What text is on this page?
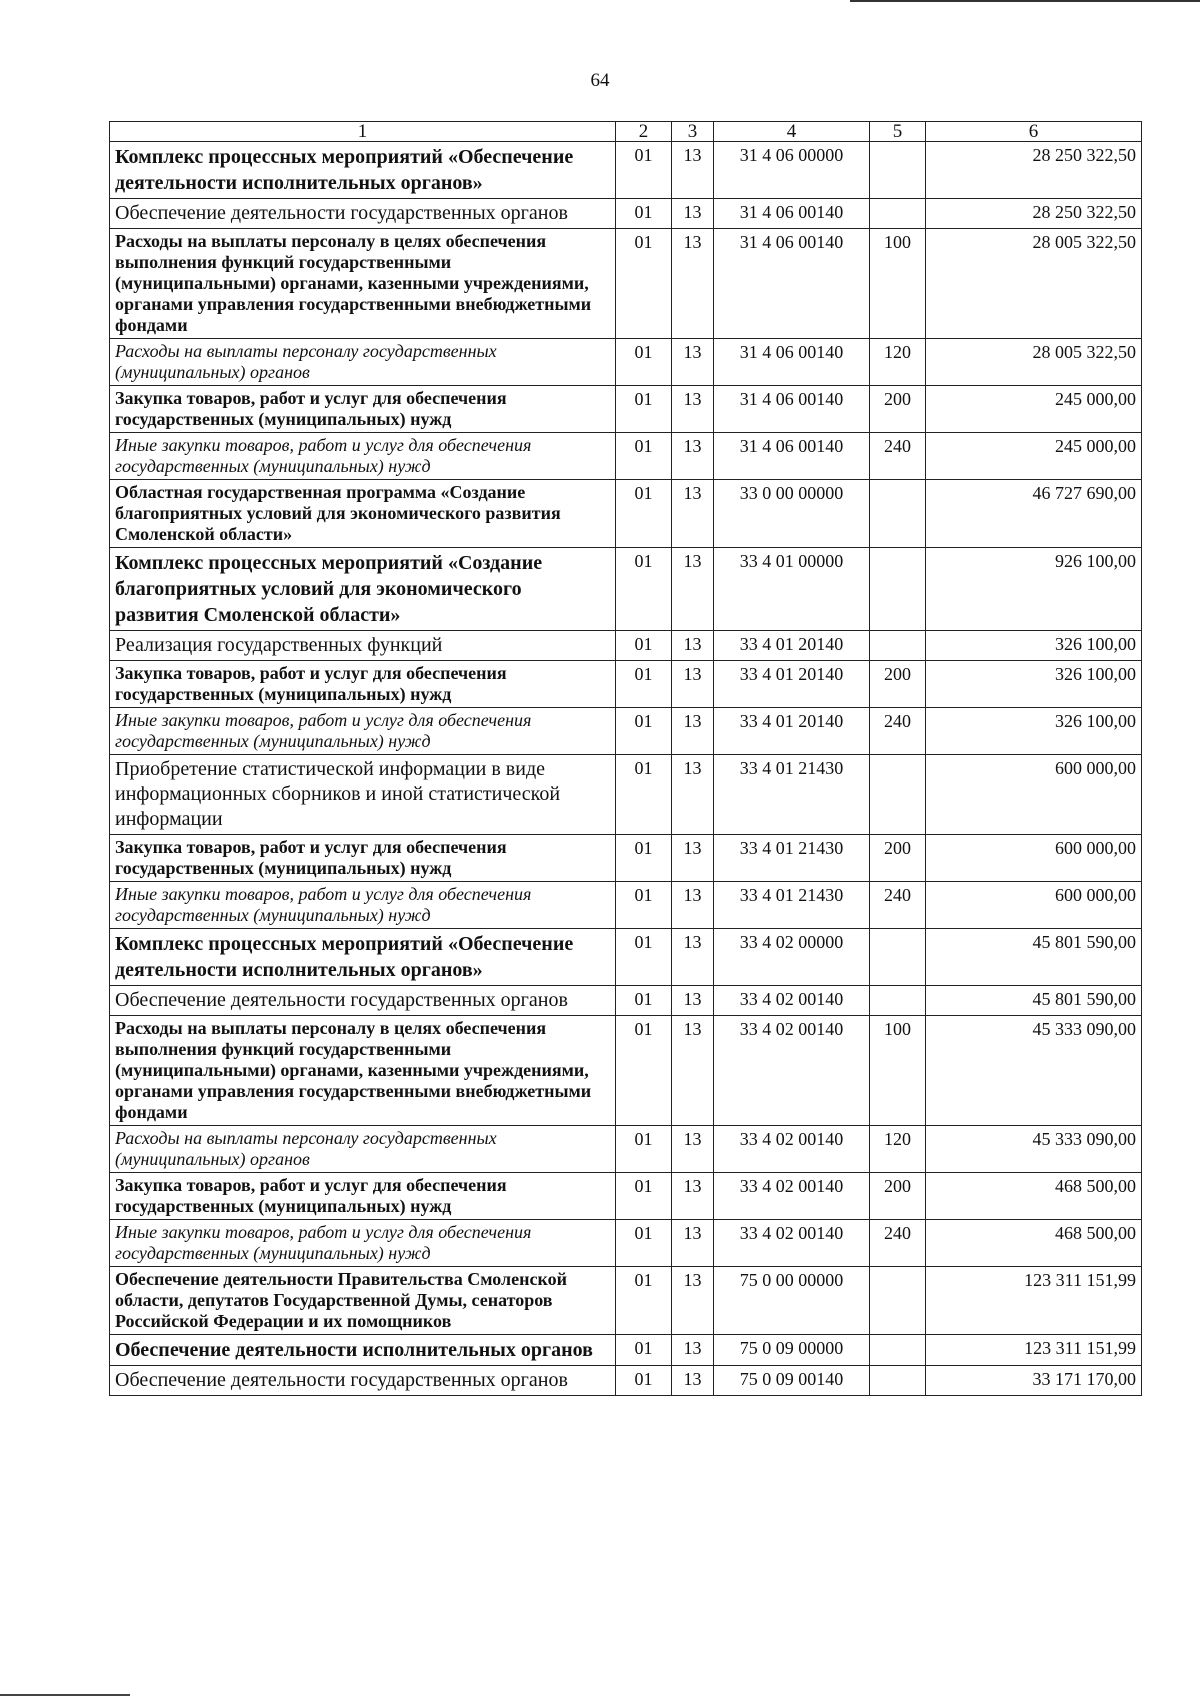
64
1	2	3	4	5	6
Комплекс процессных мероприятий «Обеспечение деятельности исполнительных органов»	01	13	31 4 06 00000		28 250 322,50
Обеспечение деятельности государственных органов	01	13	31 4 06 00140		28 250 322,50
Расходы на выплаты персоналу в целях обеспечения выполнения функций государственными (муниципальными) органами, казенными учреждениями, органами управления государственными внебюджетными фондами	01	13	31 4 06 00140	100	28 005 322,50
Расходы на выплаты персоналу государственных (муниципальных) органов	01	13	31 4 06 00140	120	28 005 322,50
Закупка товаров, работ и услуг для обеспечения государственных (муниципальных) нужд	01	13	31 4 06 00140	200	245 000,00
Иные закупки товаров, работ и услуг для обеспечения государственных (муниципальных) нужд	01	13	31 4 06 00140	240	245 000,00
Областная государственная программа «Создание благоприятных условий для экономического развития Смоленской области»	01	13	33 0 00 00000		46 727 690,00
Комплекс процессных мероприятий «Создание благоприятных условий для экономического развития Смоленской области»	01	13	33 4 01 00000		926 100,00
Реализация государственных функций	01	13	33 4 01 20140		326 100,00
Закупка товаров, работ и услуг для обеспечения государственных (муниципальных) нужд	01	13	33 4 01 20140	200	326 100,00
Иные закупки товаров, работ и услуг для обеспечения государственных (муниципальных) нужд	01	13	33 4 01 20140	240	326 100,00
Приобретение статистической информации в виде информационных сборников и иной статистической информации	01	13	33 4 01 21430		600 000,00
Закупка товаров, работ и услуг для обеспечения государственных (муниципальных) нужд	01	13	33 4 01 21430	200	600 000,00
Иные закупки товаров, работ и услуг для обеспечения государственных (муниципальных) нужд	01	13	33 4 01 21430	240	600 000,00
Комплекс процессных мероприятий «Обеспечение деятельности исполнительных органов»	01	13	33 4 02 00000		45 801 590,00
Обеспечение деятельности государственных органов	01	13	33 4 02 00140		45 801 590,00
Расходы на выплаты персоналу в целях обеспечения выполнения функций государственными (муниципальными) органами, казенными учреждениями, органами управления государственными внебюджетными фондами	01	13	33 4 02 00140	100	45 333 090,00
Расходы на выплаты персоналу государственных (муниципальных) органов	01	13	33 4 02 00140	120	45 333 090,00
Закупка товаров, работ и услуг для обеспечения государственных (муниципальных) нужд	01	13	33 4 02 00140	200	468 500,00
Иные закупки товаров, работ и услуг для обеспечения государственных (муниципальных) нужд	01	13	33 4 02 00140	240	468 500,00
Обеспечение деятельности Правительства Смоленской области, депутатов Государственной Думы, сенаторов Российской Федерации и их помощников	01	13	75 0 00 00000		123 311 151,99
Обеспечение деятельности исполнительных органов	01	13	75 0 09 00000		123 311 151,99
Обеспечение деятельности государственных органов	01	13	75 0 09 00140		33 171 170,00
